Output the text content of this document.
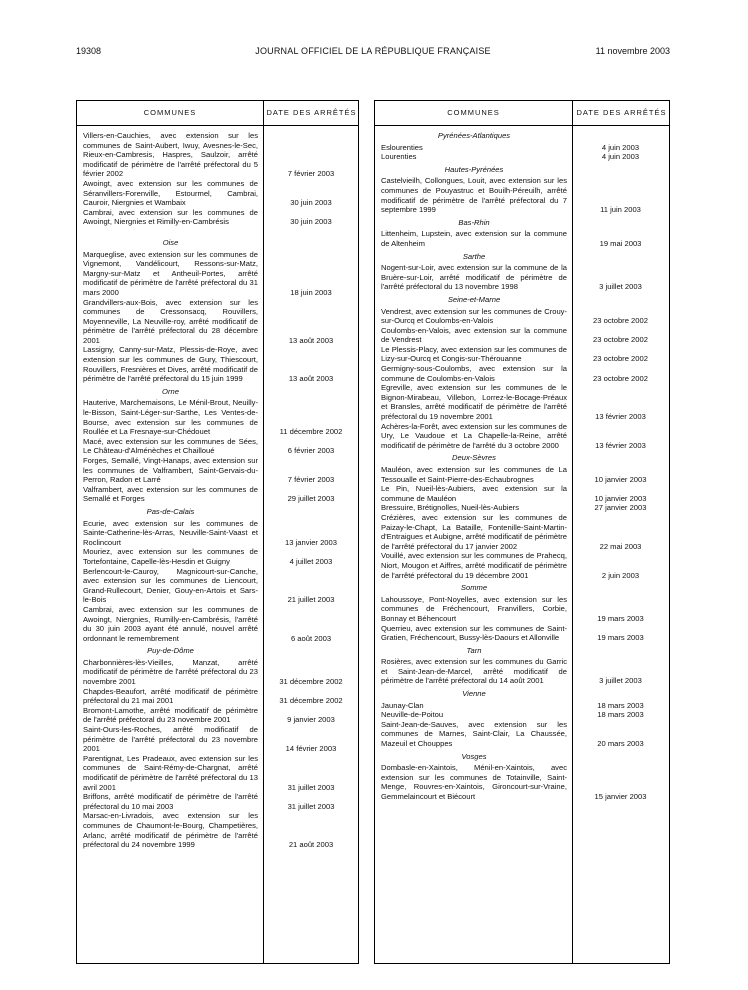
19308	JOURNAL OFFICIEL DE LA RÉPUBLIQUE FRANÇAISE	11 novembre 2003
COMMUNES	DATE DES ARRÊTÉS
Villers-en-Cauchies, avec extension sur les communes de Saint-Aubert, Iwuy, Avesnes-le-Sec, Rieux-en-Cambresis, Haspres, Saulzoir, arrêté modificatif de périmètre de l'arrêté préfectoral du 5 février 2002	7 février 2003
Awoingt, avec extension sur les communes de Séranvillers-Forenville, Estourmel, Cambrai, Cauroir, Niergnies et Wambaix	30 juin 2003
Cambrai, avec extension sur les communes de Awoingt, Niergnies et Rimilly-en-Cambrésis	30 juin 2003
Oise
Marqueglise, avec extension sur les communes de Vignemont, Vandélicourt, Ressons-sur-Matz, Margny-sur-Matz et Antheuil-Portes, arrêté modificatif de périmètre de l'arrêté préfectoral du 31 mars 2000	18 juin 2003
Grandvillers-aux-Bois, avec extension sur les communes de Cressonsacq, Rouvillers, Moyenneville, La Neuville-roy, arrêté modificatif de périmètre de l'arrêté préfectoral du 28 décembre 2001	13 août 2003
Lassigny, Canny-sur-Matz, Plessis-de-Roye, avec extension sur les communes de Gury, Thiescourt, Rouvillers, Fresnières et Dives, arrêté modificatif de périmètre de l'arrêté préfectoral du 15 juin 1999	13 août 2003
Orne
Hauterive, Marchemaisons, Le Ménil-Brout, Neuilly-le-Bisson, Saint-Léger-sur-Sarthe, Les Ventes-de-Bourse, avec extension sur les communes de Roullée et La Fresnaye-sur-Chédouet	11 décembre 2002
Macé, avec extension sur les communes de Sées, Le Château-d'Alménèches et Chailloué	6 février 2003
Forges, Semallé, Vingt-Hanaps, avec extension sur les communes de Valframbert, Saint-Gervais-du-Perron, Radon et Larré	7 février 2003
Valframbert, avec extension sur les communes de Semallé et Forges	29 juillet 2003
Pas-de-Calais
Ecurie, avec extension sur les communes de Sainte-Catherine-lès-Arras, Neuville-Saint-Vaast et Roclincourt	13 janvier 2003
Mouriez, avec extension sur les communes de Tortefontaine, Capelle-lès-Hesdin et Guigny	4 juillet 2003
Berlencourt-le-Cauroy, Magnicourt-sur-Canche, avec extension sur les communes de Liencourt, Grand-Rullecourt, Denier, Gouy-en-Artois et Sars-le-Bois	21 juillet 2003
Cambrai, avec extension sur les communes de Awoingt, Niergnies, Rumilly-en-Cambrésis, l'arrêté du 30 juin 2003 ayant été annulé, nouvel arrêté ordonnant le remembrement	6 août 2003
Puy-de-Dôme
Charbonnières-lès-Vieilles, Manzat, arrêté modificatif de périmètre de l'arrêté préfectoral du 23 novembre 2001	31 décembre 2002
Chapdes-Beaufort, arrêté modificatif de périmètre préfectoral du 21 mai 2001	31 décembre 2002
Bromont-Lamothe, arrêté modificatif de périmètre de l'arrêté préfectoral du 23 novembre 2001	9 janvier 2003
Saint-Ours-les-Roches, arrêté modificatif de périmètre de l'arrêté préfectoral du 23 novembre 2001	14 février 2003
Parentignat, Les Pradeaux, avec extension sur les communes de Saint-Rémy-de-Chargnat, arrêté modificatif de périmètre de l'arrêté préfectoral du 13 avril 2001	31 juillet 2003
Briffons, arrêté modificatif de périmètre de l'arrêté préfectoral du 10 mai 2003	31 juillet 2003
Marsac-en-Livradois, avec extension sur les communes de Chaumont-le-Bourg, Champetières, Arlanc, arrêté modificatif de périmètre de l'arrêté préfectoral du 24 novembre 1999	21 août 2003
COMMUNES	DATE DES ARRÊTÉS
Pyrénées-Atlantiques
Eslourenties	4 juin 2003
Lourenties	4 juin 2003
Hautes-Pyrénées
Castelvieilh, Collongues, Louit, avec extension sur les communes de Pouyastruc et Bouilh-Péreuilh, arrêté modificatif de périmètre de l'arrêté préfectoral du 7 septembre 1999	11 juin 2003
Bas-Rhin
Littenheim, Lupstein, avec extension sur la commune de Altenheim	19 mai 2003
Sarthe
Nogent-sur-Loir, avec extension sur la commune de la Bruère-sur-Loir, arrêté modificatif de périmètre de l'arrêté préfectoral du 13 novembre 1998	3 juillet 2003
Seine-et-Marne
Vendrest, avec extension sur les communes de Crouy-sur-Ourcq et Coulombs-en-Valois	23 octobre 2002
Coulombs-en-Valois, avec extension sur la commune de Vendrest	23 octobre 2002
Le Plessis-Placy, avec extension sur les communes de Lizy-sur-Ourcq et Congis-sur-Thérouanne	23 octobre 2002
Germigny-sous-Coulombs, avec extension sur la commune de Coulombs-en-Valois	23 octobre 2002
Egreville, avec extension sur les communes de le Bignon-Mirabeau, Villebon, Lorrez-le-Bocage-Préaux et Bransles, arrêté modificatif de périmètre de l'arrêté préfectoral du 19 novembre 2001	13 février 2003
Achères-la-Forêt, avec extension sur les communes de Ury, Le Vaudoue et La Chapelle-la-Reine, arrêté modificatif de périmètre de l'arrêté du 3 octobre 2000	13 février 2003
Deux-Sèvres
Mauléon, avec extension sur les communes de La Tessoualle et Saint-Pierre-des-Echaubrognes	10 janvier 2003
Le Pin, Nueil-lès-Aubiers, avec extension sur la commune de Mauléon	10 janvier 2003
Bressuire, Brétignolles, Nueil-lès-Aubiers	27 janvier 2003
Crézières, avec extension sur les communes de Paizay-le-Chapt, La Bataille, Fontenille-Saint-Martin-d'Entraigues et Aubigne, arrêté modificatif de périmètre de l'arrêté préfectoral du 17 janvier 2002	22 mai 2003
Vouillé, avec extension sur les communes de Prahecq, Niort, Mougon et Aiffres, arrêté modificatif de périmètre de l'arrêté préfectoral du 19 décembre 2001	2 juin 2003
Somme
Lahoussoye, Pont-Noyelles, avec extension sur les communes de Fréchencourt, Franvillers, Corbie, Bonnay et Béhencourt	19 mars 2003
Querrieu, avec extension sur les communes de Saint-Gratien, Fréchencourt, Bussy-lès-Daours et Allonville	19 mars 2003
Tarn
Rosières, avec extension sur les communes du Garric et Saint-Jean-de-Marcel, arrêté modificatif de périmètre de l'arrêté préfectoral du 14 août 2001	3 juillet 2003
Vienne
Jaunay-Clan	18 mars 2003
Neuville-de-Poitou	18 mars 2003
Saint-Jean-de-Sauves, avec extension sur les communes de Marnes, Saint-Clair, La Chaussée, Mazeuil et Chouppes	20 mars 2003
Vosges
Dombasle-en-Xaintois, Ménil-en-Xaintois, avec extension sur les communes de Totainville, Saint-Menge, Rouvres-en-Xaintois, Gironcourt-sur-Vraine, Gemmelaincourt et Biécourt	15 janvier 2003
